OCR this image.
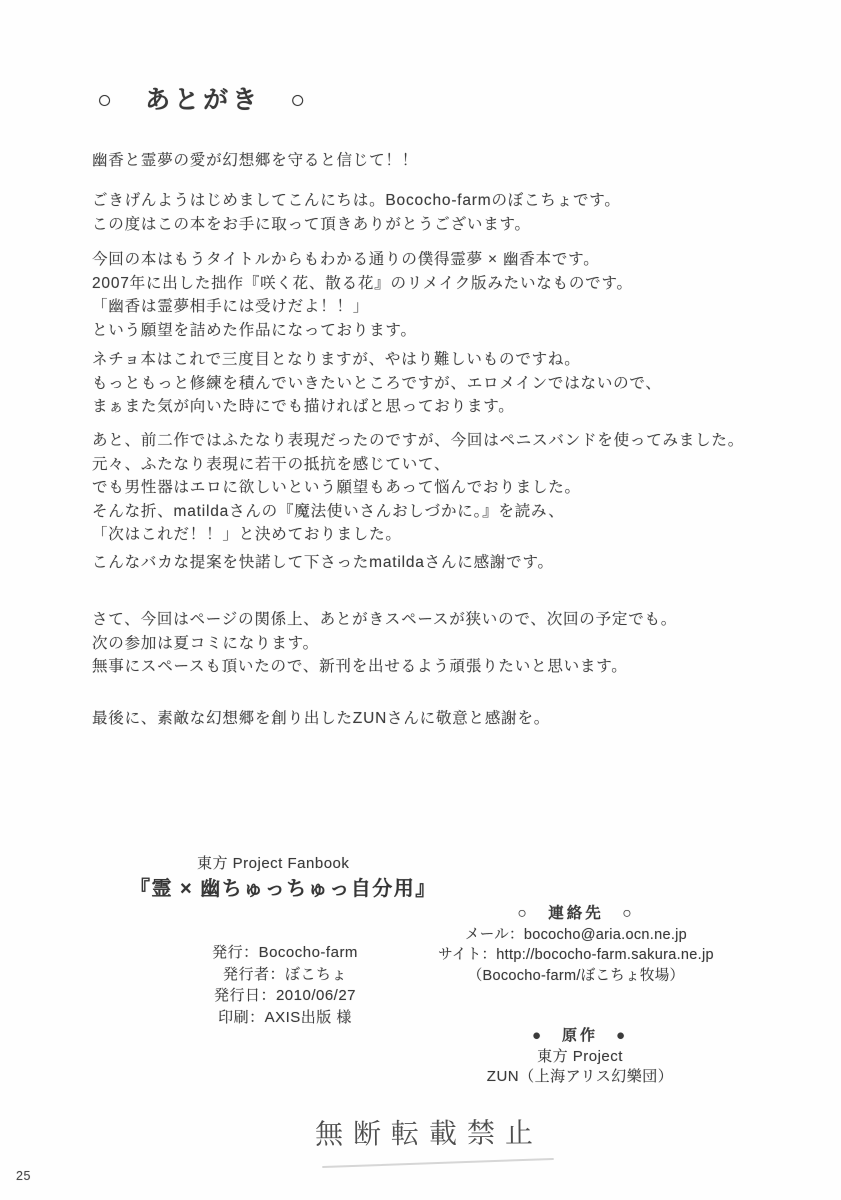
○　あとがき　○
幽香と霊夢の愛が幻想郷を守ると信じて！！
ごきげんようはじめましてこんにちは。Bococho-farmのぼこちょです。
この度はこの本をお手に取って頂きありがとうございます。
今回の本はもうタイトルからもわかる通りの僕得霊夢 × 幽香本です。
2007年に出した拙作『咲く花、散る花』のリメイク版みたいなものです。
「幽香は霊夢相手には受けだよ！！」
という願望を詰めた作品になっております。
ネチョ本はこれで三度目となりますが、やはり難しいものですね。
もっともっと修練を積んでいきたいところですが、エロメインではないので、
まぁまた気が向いた時にでも描ければと思っております。
あと、前二作ではふたなり表現だったのですが、今回はペニスバンドを使ってみました。
元々、ふたなり表現に若干の抵抗を感じていて、
でも男性器はエロに欲しいという願望もあって悩んでおりました。
そんな折、matildaさんの『魔法使いさんおしづかに。』を読み、
「次はこれだ！！」と決めておりました。
こんなバカな提案を快諾して下さったmatildaさんに感謝です。
さて、今回はページの関係上、あとがきスペースが狭いので、次回の予定でも。
次の参加は夏コミになります。
無事にスペースも頂いたので、新刊を出せるよう頑張りたいと思います。
最後に、素敵な幻想郷を創り出したZUNさんに敬意と感謝を。
東方 Project Fanbook
『霊 × 幽ちゅっちゅっ自分用』
発行：Bococho-farm
発行者：ぼこちょ
発行日：2010/06/27
印刷：AXIS出版 様
○　連絡先　○
メール：bococho@aria.ocn.ne.jp
サイト：http://bococho-farm.sakura.ne.jp
（Bococho-farm/ぼこちょ牧場）
●　原作　●
東方 Project
ZUN（上海アリス幻樂団）
無断転載禁止
25
